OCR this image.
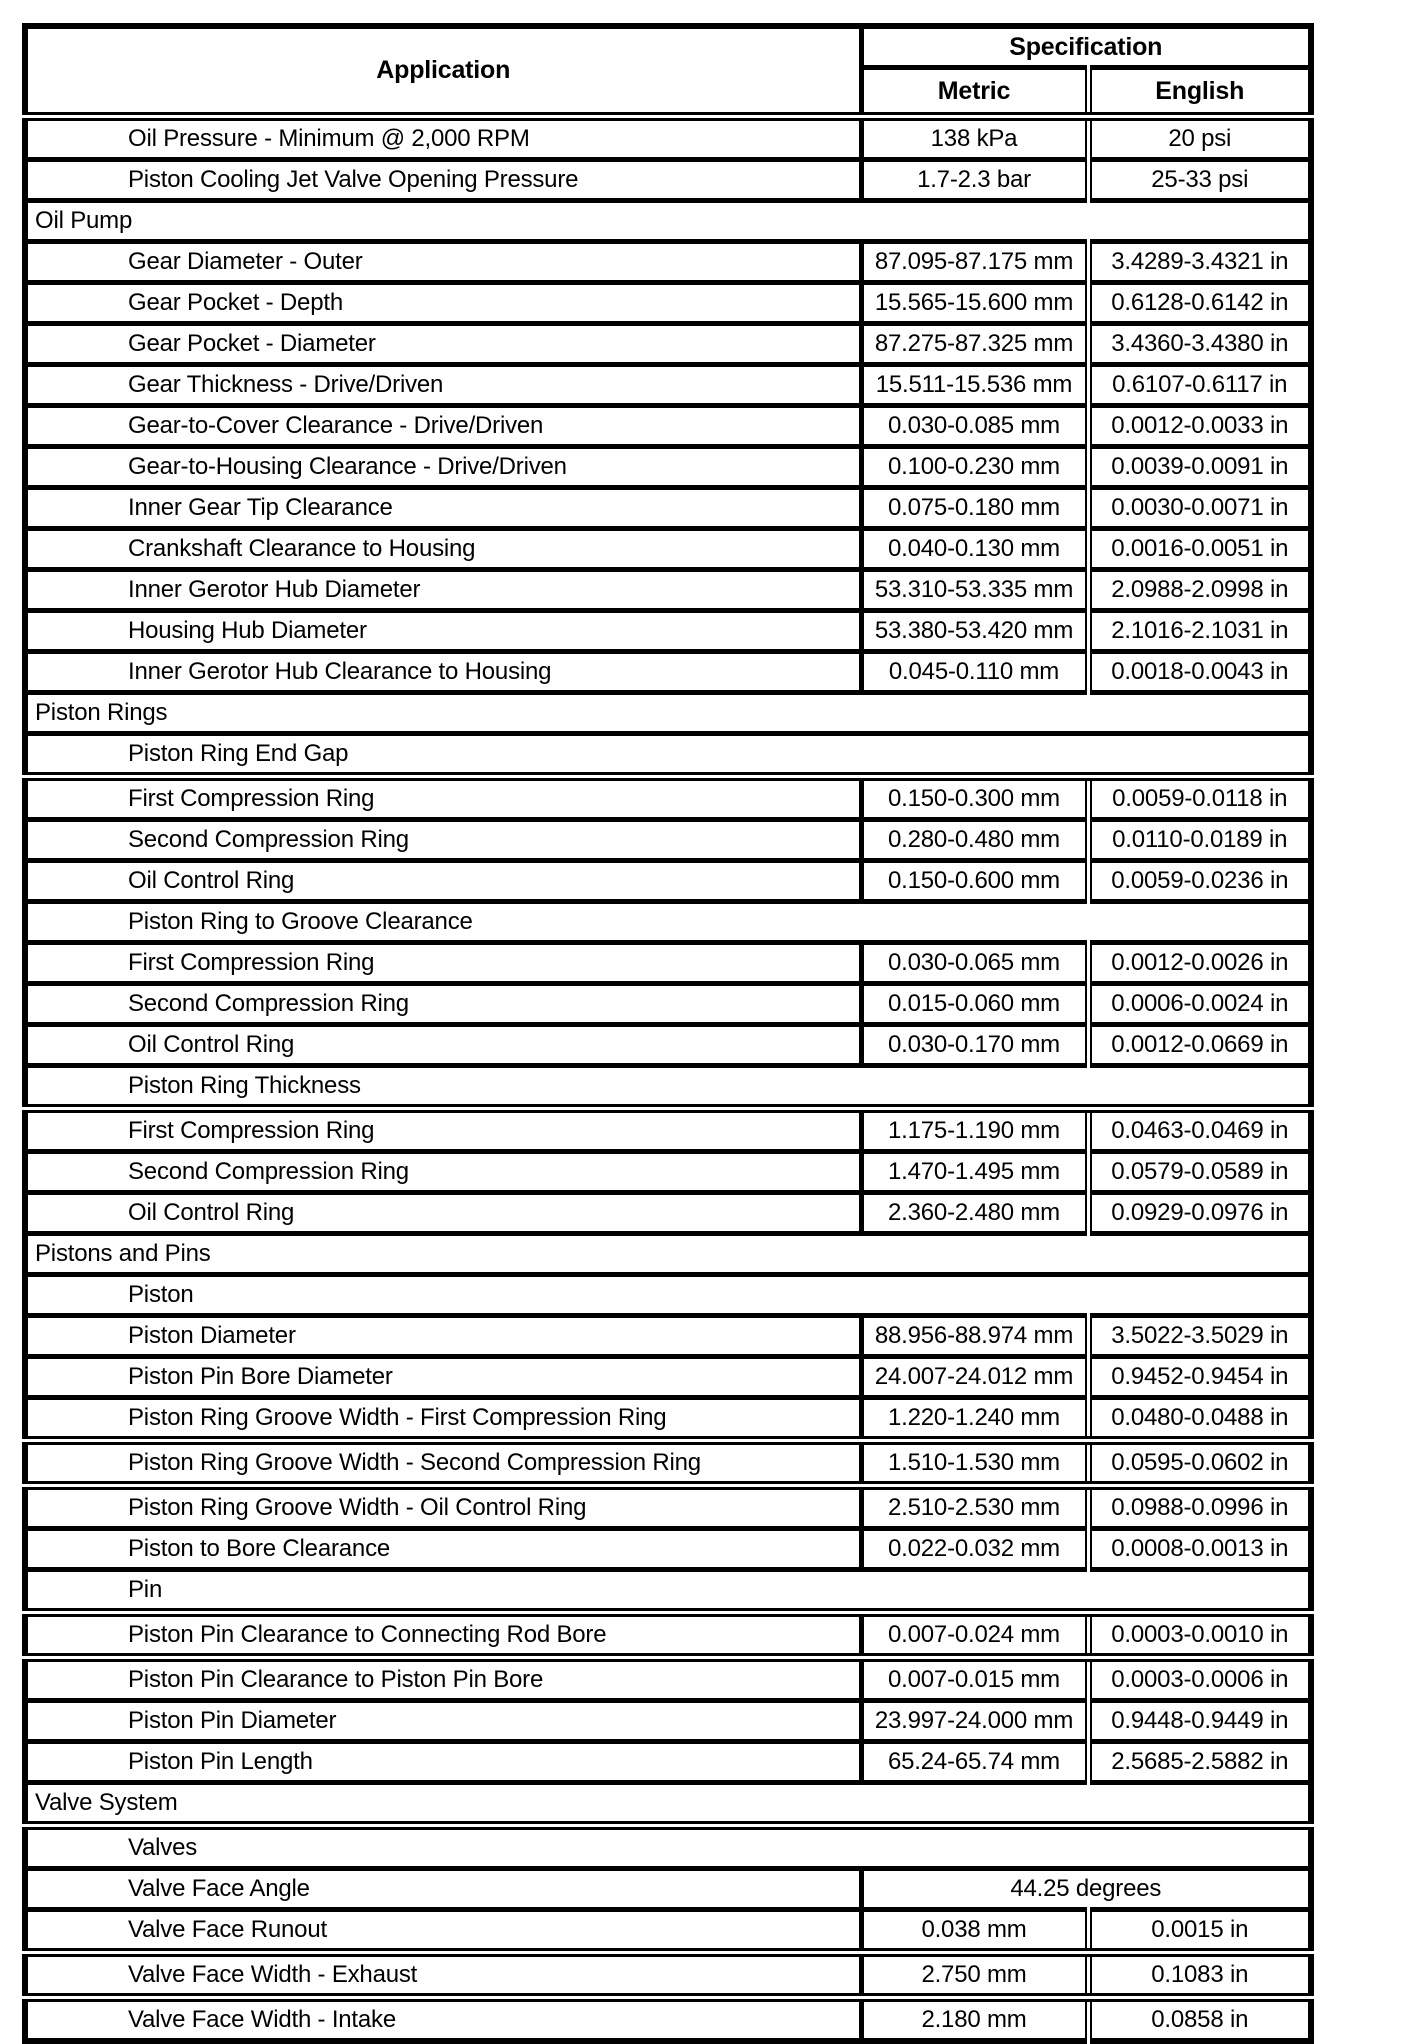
Application	Specification	
	Metric	English
Oil Pressure - Minimum @ 2,000 RPM	138 kPa	20 psi
Piston Cooling Jet Valve Opening Pressure	1.7-2.3 bar	25-33 psi
Oil Pump		
Gear Diameter - Outer	87.095-87.175 mm	3.4289-3.4321 in
Gear Pocket - Depth	15.565-15.600 mm	0.6128-0.6142 in
Gear Pocket - Diameter	87.275-87.325 mm	3.4360-3.4380 in
Gear Thickness - Drive/Driven	15.511-15.536 mm	0.6107-0.6117 in
Gear-to-Cover Clearance - Drive/Driven	0.030-0.085 mm	0.0012-0.0033 in
Gear-to-Housing Clearance - Drive/Driven	0.100-0.230 mm	0.0039-0.0091 in
Inner Gear Tip Clearance	0.075-0.180 mm	0.0030-0.0071 in
Crankshaft Clearance to Housing	0.040-0.130 mm	0.0016-0.0051 in
Inner Gerotor Hub Diameter	53.310-53.335 mm	2.0988-2.0998 in
Housing Hub Diameter	53.380-53.420 mm	2.1016-2.1031 in
Inner Gerotor Hub Clearance to Housing	0.045-0.110 mm	0.0018-0.0043 in
Piston Rings		
Piston Ring End Gap		
First Compression Ring	0.150-0.300 mm	0.0059-0.0118 in
Second Compression Ring	0.280-0.480 mm	0.0110-0.0189 in
Oil Control Ring	0.150-0.600 mm	0.0059-0.0236 in
Piston Ring to Groove Clearance		
First Compression Ring	0.030-0.065 mm	0.0012-0.0026 in
Second Compression Ring	0.015-0.060 mm	0.0006-0.0024 in
Oil Control Ring	0.030-0.170 mm	0.0012-0.0669 in
Piston Ring Thickness		
First Compression Ring	1.175-1.190 mm	0.0463-0.0469 in
Second Compression Ring	1.470-1.495 mm	0.0579-0.0589 in
Oil Control Ring	2.360-2.480 mm	0.0929-0.0976 in
Pistons and Pins		
Piston		
Piston Diameter	88.956-88.974 mm	3.5022-3.5029 in
Piston Pin Bore Diameter	24.007-24.012 mm	0.9452-0.9454 in
Piston Ring Groove Width - First Compression Ring	1.220-1.240 mm	0.0480-0.0488 in
Piston Ring Groove Width - Second Compression Ring	1.510-1.530 mm	0.0595-0.0602 in
Piston Ring Groove Width - Oil Control Ring	2.510-2.530 mm	0.0988-0.0996 in
Piston to Bore Clearance	0.022-0.032 mm	0.0008-0.0013 in
Pin		
Piston Pin Clearance to Connecting Rod Bore	0.007-0.024 mm	0.0003-0.0010 in
Piston Pin Clearance to Piston Pin Bore	0.007-0.015 mm	0.0003-0.0006 in
Piston Pin Diameter	23.997-24.000 mm	0.9448-0.9449 in
Piston Pin Length	65.24-65.74 mm	2.5685-2.5882 in
Valve System		
Valves		
Valve Face Angle	44.25 degrees	
Valve Face Runout	0.038 mm	0.0015 in
Valve Face Width - Exhaust	2.750 mm	0.1083 in
Valve Face Width - Intake	2.180 mm	0.0858 in
